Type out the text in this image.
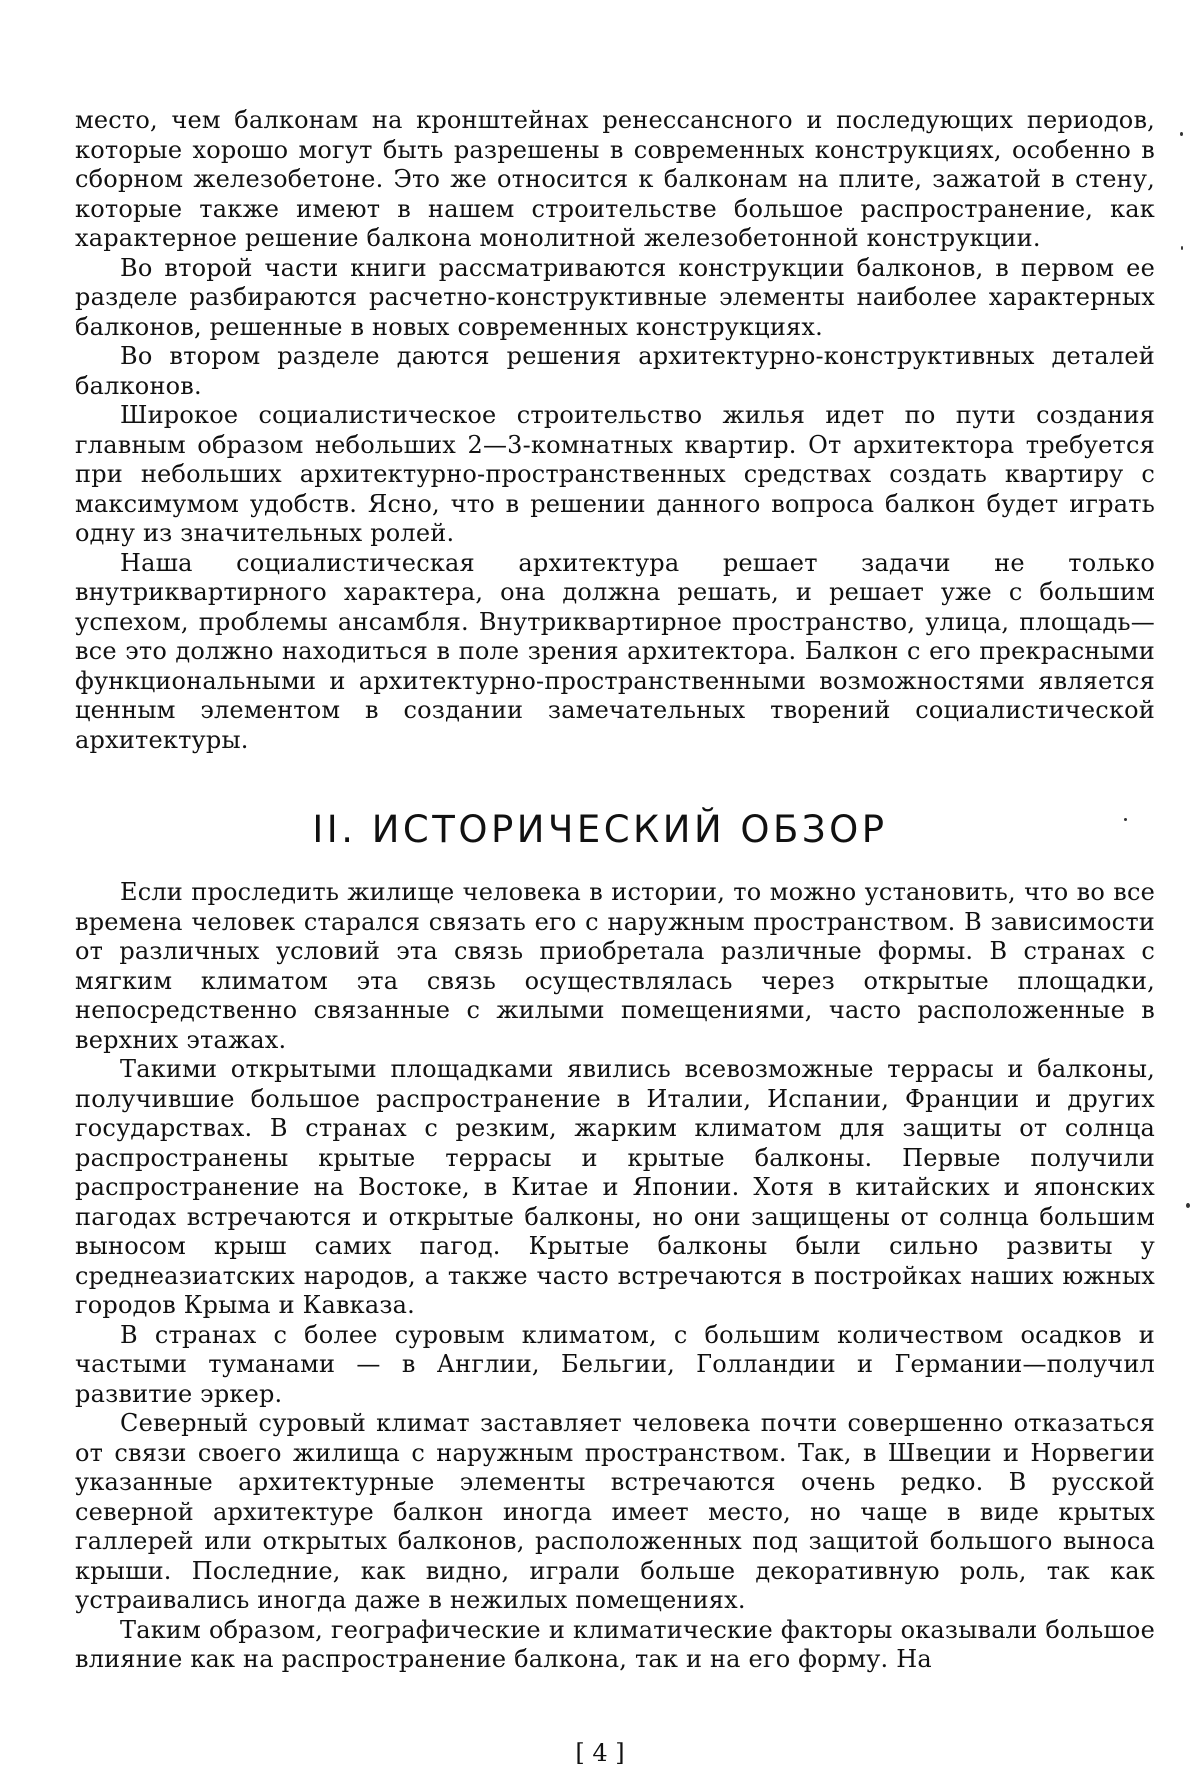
место, чем балконам на кронштейнах ренессансного и последующих периодов, которые хорошо могут быть разрешены в современных конструкциях, особенно в сборном железобетоне. Это же относится к балконам на плите, зажатой в стену, которые также имеют в нашем строительстве большое распространение, как характерное решение балкона монолитной железобетонной конструкции.

Во второй части книги рассматриваются конструкции балконов, в первом ее разделе разбираются расчетно-конструктивные элементы наиболее характерных балконов, решенные в новых современных конструкциях.

Во втором разделе даются решения архитектурно-конструктивных деталей балконов.

Широкое социалистическое строительство жилья идет по пути создания главным образом небольших 2—3-комнатных квартир. От архитектора требуется при небольших архитектурно-пространственных средствах создать квартиру с максимумом удобств. Ясно, что в решении данного вопроса балкон будет играть одну из значительных ролей.

Наша социалистическая архитектура решает задачи не только внутриквартирного характера, она должна решать, и решает уже с большим успехом, проблемы ансамбля. Внутриквартирное пространство, улица, площадь— все это должно находиться в поле зрения архитектора. Балкон с его прекрасными функциональными и архитектурно-пространственными возможностями является ценным элементом в создании замечательных творений социалистической архитектуры.

II. ИСТОРИЧЕСКИЙ ОБЗОР

Если проследить жилище человека в истории, то можно установить, что во все времена человек старался связать его с наружным пространством. В зависимости от различных условий эта связь приобретала различные формы. В странах с мягким климатом эта связь осуществлялась через открытые площадки, непосредственно связанные с жилыми помещениями, часто расположенные в верхних этажах.

Такими открытыми площадками явились всевозможные террасы и балконы, получившие большое распространение в Италии, Испании, Франции и других государствах. В странах с резким, жарким климатом для защиты от солнца распространены крытые террасы и крытые балконы. Первые получили распространение на Востоке, в Китае и Японии. Хотя в китайских и японских пагодах встречаются и открытые балконы, но они защищены от солнца большим выносом крыш самих пагод. Крытые балконы были сильно развиты у среднеазиатских народов, а также часто встречаются в постройках наших южных городов Крыма и Кавказа.

В странах с более суровым климатом, с большим количеством осадков и частыми туманами — в Англии, Бельгии, Голландии и Германии—получил развитие эркер.

Северный суровый климат заставляет человека почти совершенно отказаться от связи своего жилища с наружным пространством. Так, в Швеции и Норвегии указанные архитектурные элементы встречаются очень редко. В русской северной архитектуре балкон иногда имеет место, но чаще в виде крытых галлерей или открытых балконов, расположенных под защитой большого выноса крыши. Последние, как видно, играли больше декоративную роль, так как устраивались иногда даже в нежилых помещениях.

Таким образом, географические и климатические факторы оказывали большое влияние как на распространение балкона, так и на его форму. На

[ 4 ]
